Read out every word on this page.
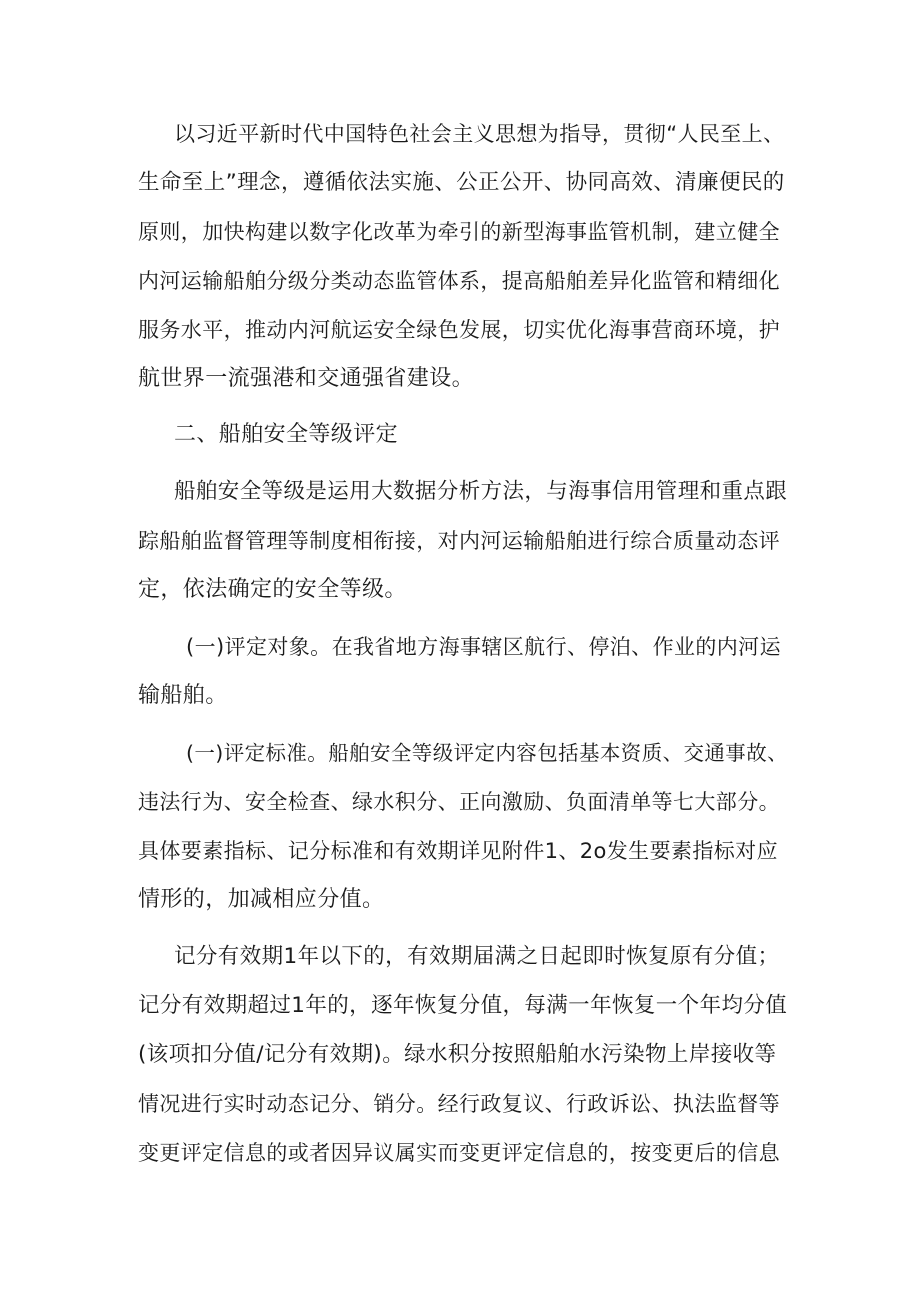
以习近平新时代中国特色社会主义思想为指导，贯彻“人民至上、
生命至上”理念，遵循依法实施、公正公开、协同高效、清廉便民的
原则，加快构建以数字化改革为牵引的新型海事监管机制，建立健全
内河运输船舶分级分类动态监管体系，提高船舶差异化监管和精细化
服务水平，推动内河航运安全绿色发展，切实优化海事营商环境，护
航世界一流强港和交通强省建设。
二、船舶安全等级评定
船舶安全等级是运用大数据分析方法，与海事信用管理和重点跟
踪船舶监督管理等制度相衔接，对内河运输船舶进行综合质量动态评
定，依法确定的安全等级。
(一)评定对象。在我省地方海事辖区航行、停泊、作业的内河运
输船舶。
(一)评定标准。船舶安全等级评定内容包括基本资质、交通事故、
违法行为、安全检查、绿水积分、正向激励、负面清单等七大部分。
具体要素指标、记分标准和有效期详见附件1、2o发生要素指标对应
情形的，加减相应分值。
记分有效期1年以下的，有效期届满之日起即时恢复原有分值；
记分有效期超过1年的，逐年恢复分值，每满一年恢复一个年均分值
(该项扣分值/记分有效期)。绿水积分按照船舶水污染物上岸接收等
情况进行实时动态记分、销分。经行政复议、行政诉讼、执法监督等
变更评定信息的或者因异议属实而变更评定信息的，按变更后的信息
